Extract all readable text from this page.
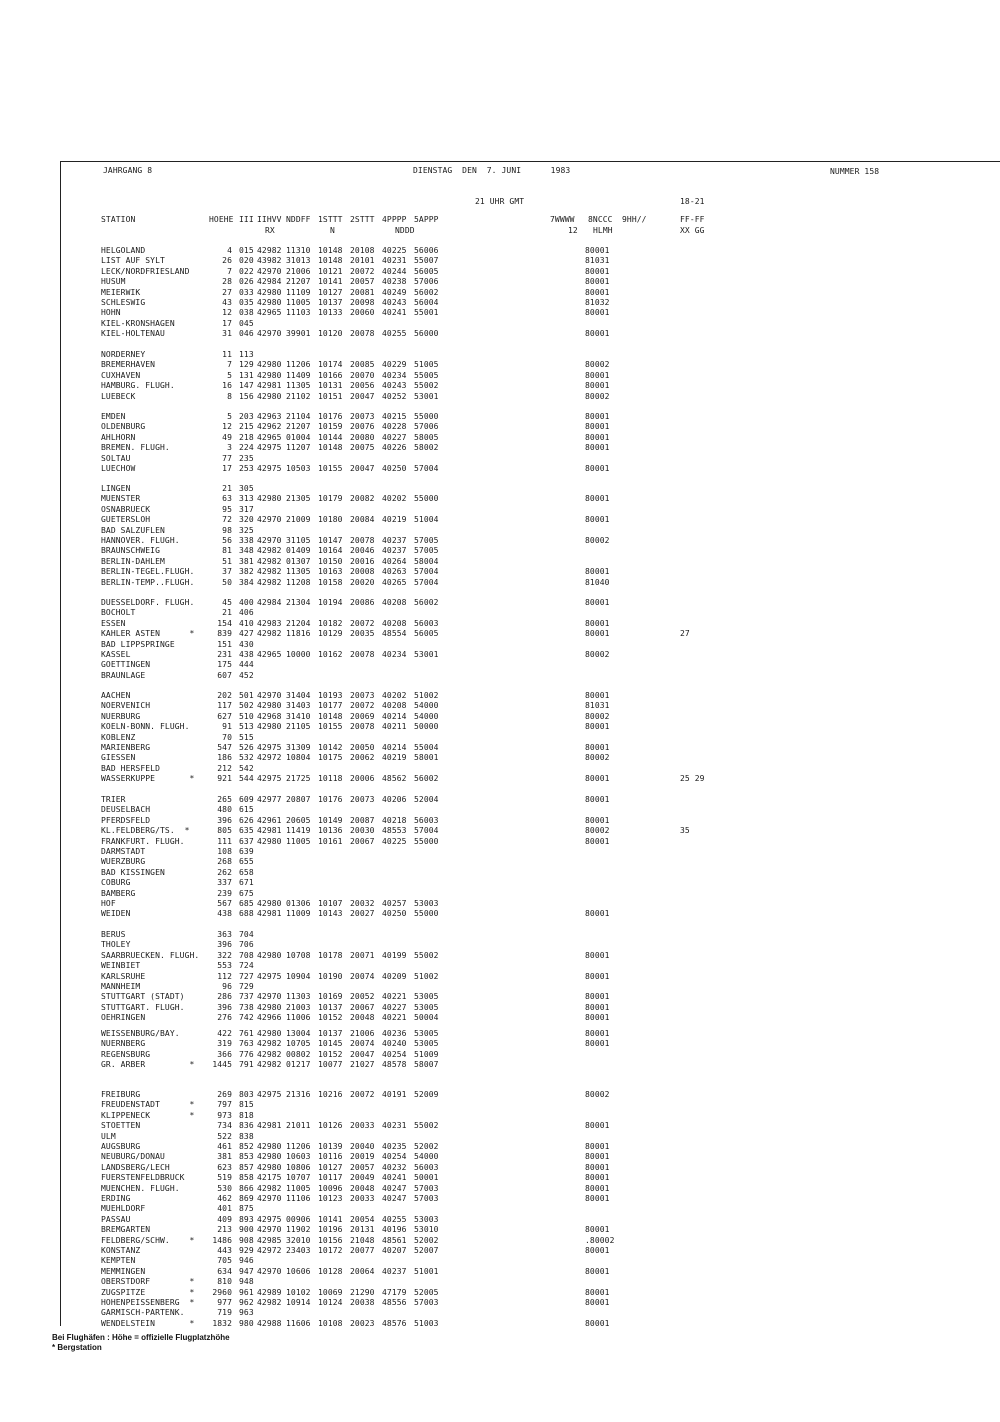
JAHRGANG 8	DIENSTAG  DEN  7. JUNI      1983	NUMMER 158
21 UHR GMT	18-21
STATION	HOEHE III IIHVV NDDFF 1STTT 2STTT 4PPPP 5APPP	7WWWW 8NCCC 9HH//	FF-FF
RX	N	NDDD	12 HLMH	XX GG
HELGOLAND	4 015 42982 11310 10148 20108 40225 56006	80001
LIST AUF SYLT	26 020 43982 31013 10148 20101 40231 55007	81031
LECK/NORDFRIESLAND	7 022 42970 21006 10121 20072 40244 56005	80001
HUSUM	28 026 42984 21207 10141 20057 40238 57006	80001
MEIERWIK	27 033 42980 11109 10127 20081 40249 56002	80001
SCHLESWIG	43 035 42980 11005 10137 20098 40243 56004	81032
HOHN	12 038 42965 11103 10133 20060 40241 55001	80001
KIEL-KRONSHAGEN	17 045
KIEL-HOLTENAU	31 046 42970 39901 10120 20078 40255 56000	80001
NORDERNEY	11 113
BREMERHAVEN	7 129 42980 11206 10174 20085 40229 51005	80002
CUXHAVEN	5 131 42980 11409 10166 20070 40234 55005	80001
HAMBURG. FLUGH.	16 147 42981 11305 10131 20056 40243 55002	80001
LUEBECK	8 156 42980 21102 10151 20047 40252 53001	80002
EMDEN	5 203 42963 21104 10176 20073 40215 55000	80001
OLDENBURG	12 215 42962 21207 10159 20076 40228 57006	80001
AHLHORN	49 218 42965 01004 10144 20080 40227 58005	80001
BREMEN. FLUGH.	3 224 42975 11207 10148 20075 40226 58002	80001
SOLTAU	77 235
LUECHOW	17 253 42975 10503 10155 20047 40250 57004	80001
LINGEN	21 305
MUENSTER	63 313 42980 21305 10179 20082 40202 55000	80001
OSNABRUECK	95 317
GUETERSLOH	72 320 42970 21009 10180 20084 40219 51004	80001
BAD SALZUFLEN	98 325
HANNOVER. FLUGH.	56 338 42970 31105 10147 20078 40237 57005	80002
BRAUNSCHWEIG	81 348 42982 01409 10164 20046 40237 57005
BERLIN-DAHLEM	51 381 42982 01307 10150 20016 40264 58004
BERLIN-TEGEL.FLUGH.	37 382 42982 11305 10163 20008 40263 57004	80001
BERLIN-TEMP..FLUGH.	50 384 42982 11208 10158 20020 40265 57004	81040
DUESSELDORF. FLUGH.	45 400 42984 21304 10194 20086 40208 56002	80001
BOCHOLT	21 406
ESSEN	154 410 42983 21204 10182 20072 40208 56003	80001
KAHLER ASTEN      *	839 427 42982 11816 10129 20035 48554 56005	80001	27
BAD LIPPSPRINGE	151 430
KASSEL	231 438 42965 10000 10162 20078 40234 53001	80002
GOETTINGEN	175 444
BRAUNLAGE	607 452
AACHEN	202 501 42970 31404 10193 20073 40202 51002	80001
NOERVENICH	117 502 42980 31403 10177 20072 40208 54000	81031
NUERBURG	627 510 42968 31410 10148 20069 40214 54000	80002
KOELN-BONN. FLUGH.	91 513 42980 21105 10155 20078 40211 50000	80001
KOBLENZ	70 515
MARIENBERG	547 526 42975 31309 10142 20050 40214 55004	80001
GIESSEN	186 532 42972 10804 10175 20062 40219 58001	80002
BAD HERSFELD	212 542
WASSERKUPPE       *	921 544 42975 21725 10118 20006 48562 56002	80001	25 29
TRIER	265 609 42977 20807 10176 20073 40206 52004	80001
DEUSELBACH	480 615
PFERDSFELD	396 626 42961 20605 10149 20087 40218 56003	80001
KL.FELDBERG/TS.  *	805 635 42981 11419 10136 20030 48553 57004	80002	35
FRANKFURT. FLUGH.	111 637 42980 11005 10161 20067 40225 55000	80001
DARMSTADT	108 639
WUERZBURG	268 655
BAD KISSINGEN	262 658
COBURG	337 671
BAMBERG	239 675
HOF	567 685 42980 01306 10107 20032 40257 53003
WEIDEN	438 688 42981 11009 10143 20027 40250 55000	80001
BERUS	363 704
THOLEY	396 706
SAARBRUECKEN. FLUGH. 322 708 42980 10708 10178 20071 40199 55002	80001
WEINBIET	553 724
KARLSRUHE	112 727 42975 10904 10190 20074 40209 51002	80001
MANNHEIM	96 729
STUTTGART (STADT)	286 737 42970 11303 10169 20052 40221 53005	80001
STUTTGART. FLUGH.	396 738 42980 21003 10137 20067 40227 53005	80001
OEHRINGEN	276 742 42966 11006 10152 20048 40221 50004	80001
WEISSENBURG/BAY.	422 761 42980 13004 10137 21006 40236 53005	80001
NUERNBERG	319 763 42982 10705 10145 20074 40240 53005	80001
REGENSBURG	366 776 42982 00802 10152 20047 40254 51009
GR. ARBER         * 1445 791 42982 01217 10077 21027 48578 58007
FREIBURG	269 803 42975 21316 10216 20072 40191 52009	80002
FREUDENSTADT      *	797 815
KLIPPENECK        *	973 818
STOETTEN	734 836 42981 21011 10126 20033 40231 55002	80001
ULM	522 838
AUGSBURG	461 852 42980 11206 10139 20040 40235 52002	80001
NEUBURG/DONAU	381 853 42980 10603 10116 20019 40254 54000	80001
LANDSBERG/LECH	623 857 42980 10806 10127 20057 40232 56003	80001
FUERSTENFELDBRUCK	519 858 42175 10707 10117 20049 40241 50001	80001
MUENCHEN. FLUGH.	530 866 42982 11005 10096 20048 40247 57003	80001
ERDING	462 869 42970 11106 10123 20033 40247 57003	80001
MUEHLDORF	401 875
PASSAU	409 893 42975 00906 10141 20054 40255 53003
BREMGARTEN	213 900 42970 11902 10196 20131 40196 53010	80001
FELDBERG/SCHW.    * 1486 908 42985 32010 10156 21048 48561 52002	.80002
KONSTANZ	443 929 42972 23403 10172 20077 40207 52007	80001
KEMPTEN	705 946
MEMMINGEN	634 947 42970 10606 10128 20064 40237 51001	80001
OBERSTDORF        *	810 948
ZUGSPITZE         * 2960 961 42989 10102 10069 21290 47179 52005	80001
HOHENPEISSENBERG  *	977 962 42982 10914 10124 20038 48556 57003	80001
GARMISCH-PARTENK.	719 963
WENDELSTEIN       * 1832 980 42988 11606 10108 20023 48576 51003	80001
Bei Flughäfen : Höhe = offizielle Flugplatzhöhe
* Bergstation
